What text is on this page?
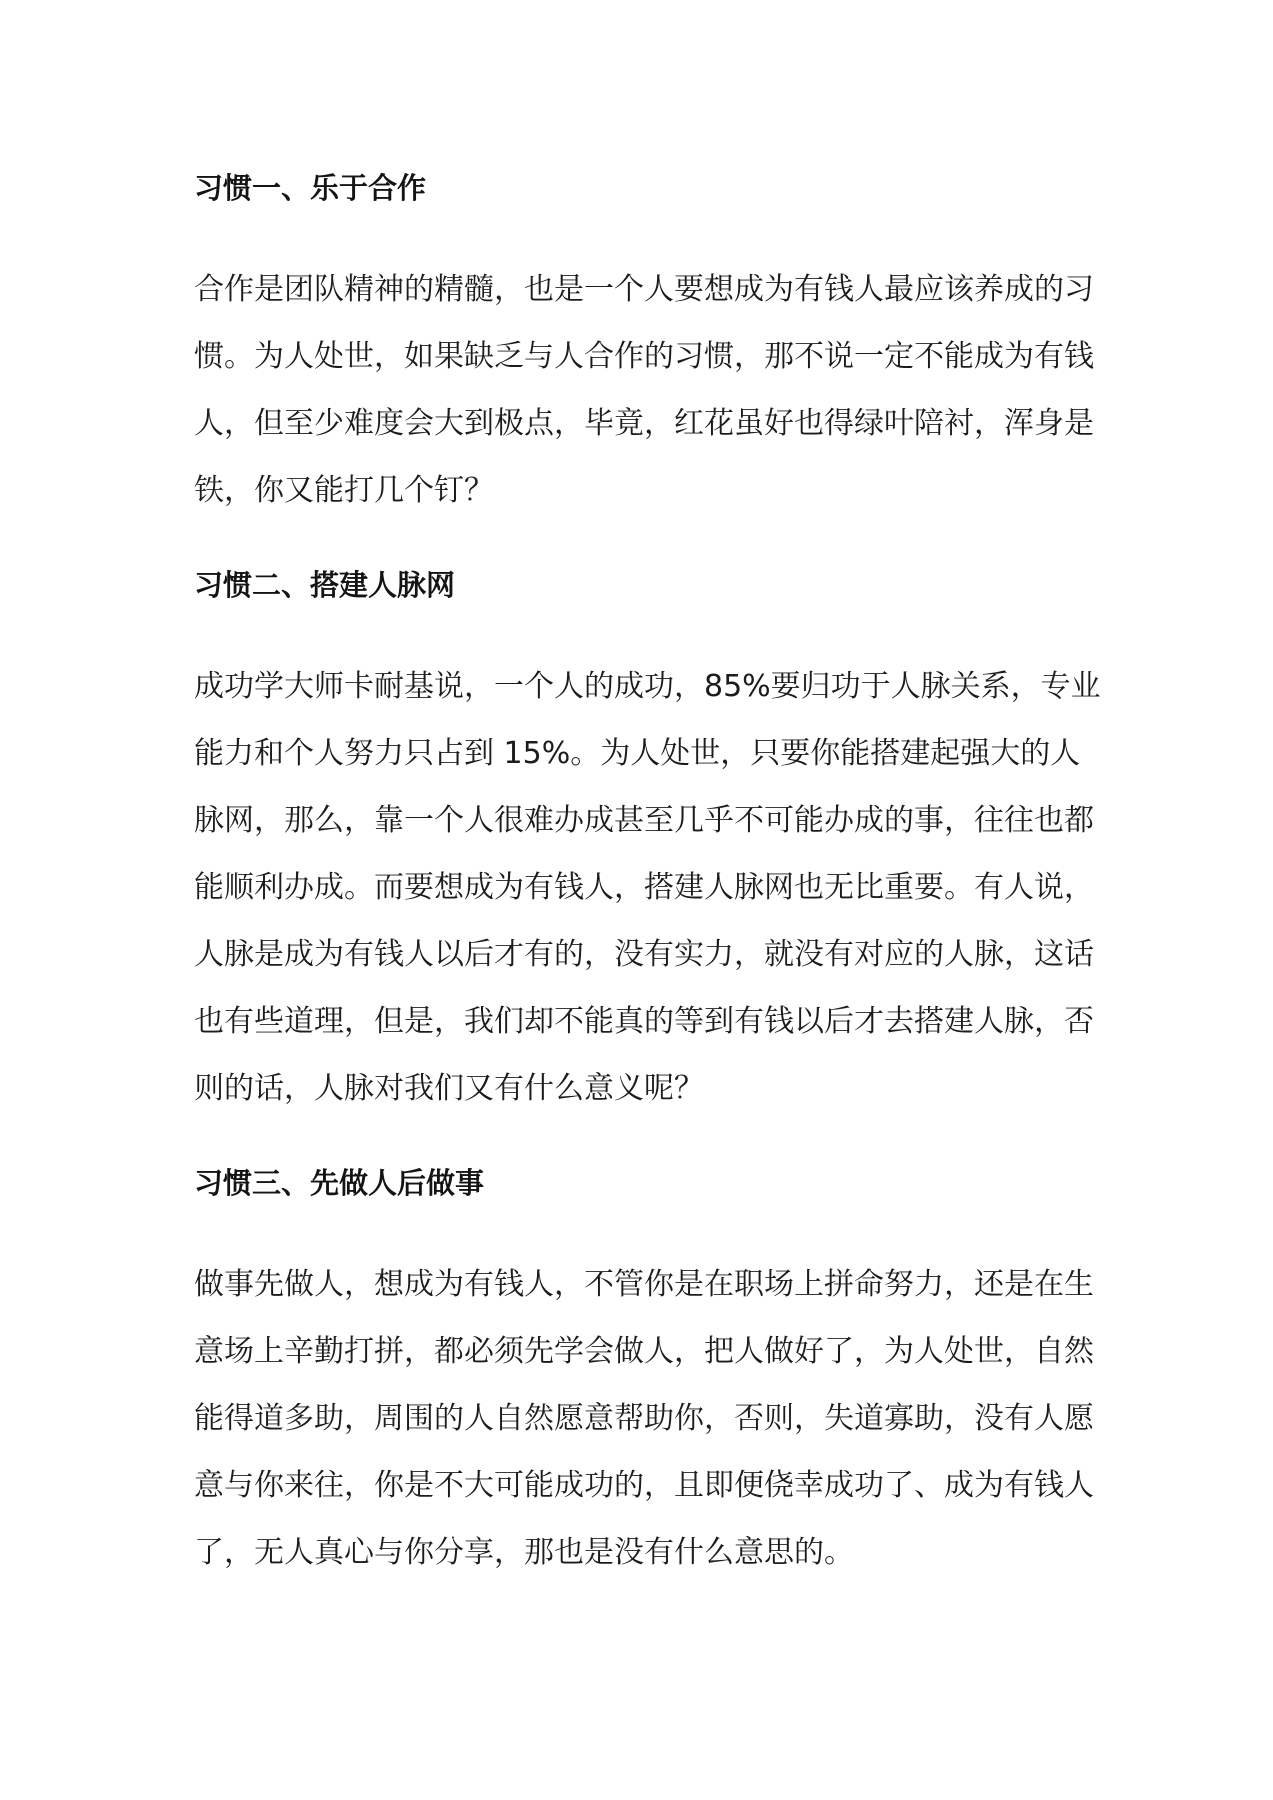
习惯一、乐于合作
合作是团队精神的精髓，也是一个人要想成为有钱人最应该养成的习
惯。为人处世，如果缺乏与人合作的习惯，那不说一定不能成为有钱
人，但至少难度会大到极点，毕竟，红花虽好也得绿叶陪衬，浑身是
铁，你又能打几个钉？
习惯二、搭建人脉网
成功学大师卡耐基说，一个人的成功，85%要归功于人脉关系，专业
能力和个人努力只占到 15%。为人处世，只要你能搭建起强大的人
脉网，那么，靠一个人很难办成甚至几乎不可能办成的事，往往也都
能顺利办成。而要想成为有钱人，搭建人脉网也无比重要。有人说，
人脉是成为有钱人以后才有的，没有实力，就没有对应的人脉，这话
也有些道理，但是，我们却不能真的等到有钱以后才去搭建人脉，否
则的话，人脉对我们又有什么意义呢？
习惯三、先做人后做事
做事先做人，想成为有钱人，不管你是在职场上拼命努力，还是在生
意场上辛勤打拼，都必须先学会做人，把人做好了，为人处世，自然
能得道多助，周围的人自然愿意帮助你，否则，失道寡助，没有人愿
意与你来往，你是不大可能成功的，且即便侥幸成功了、成为有钱人
了，无人真心与你分享，那也是没有什么意思的。
